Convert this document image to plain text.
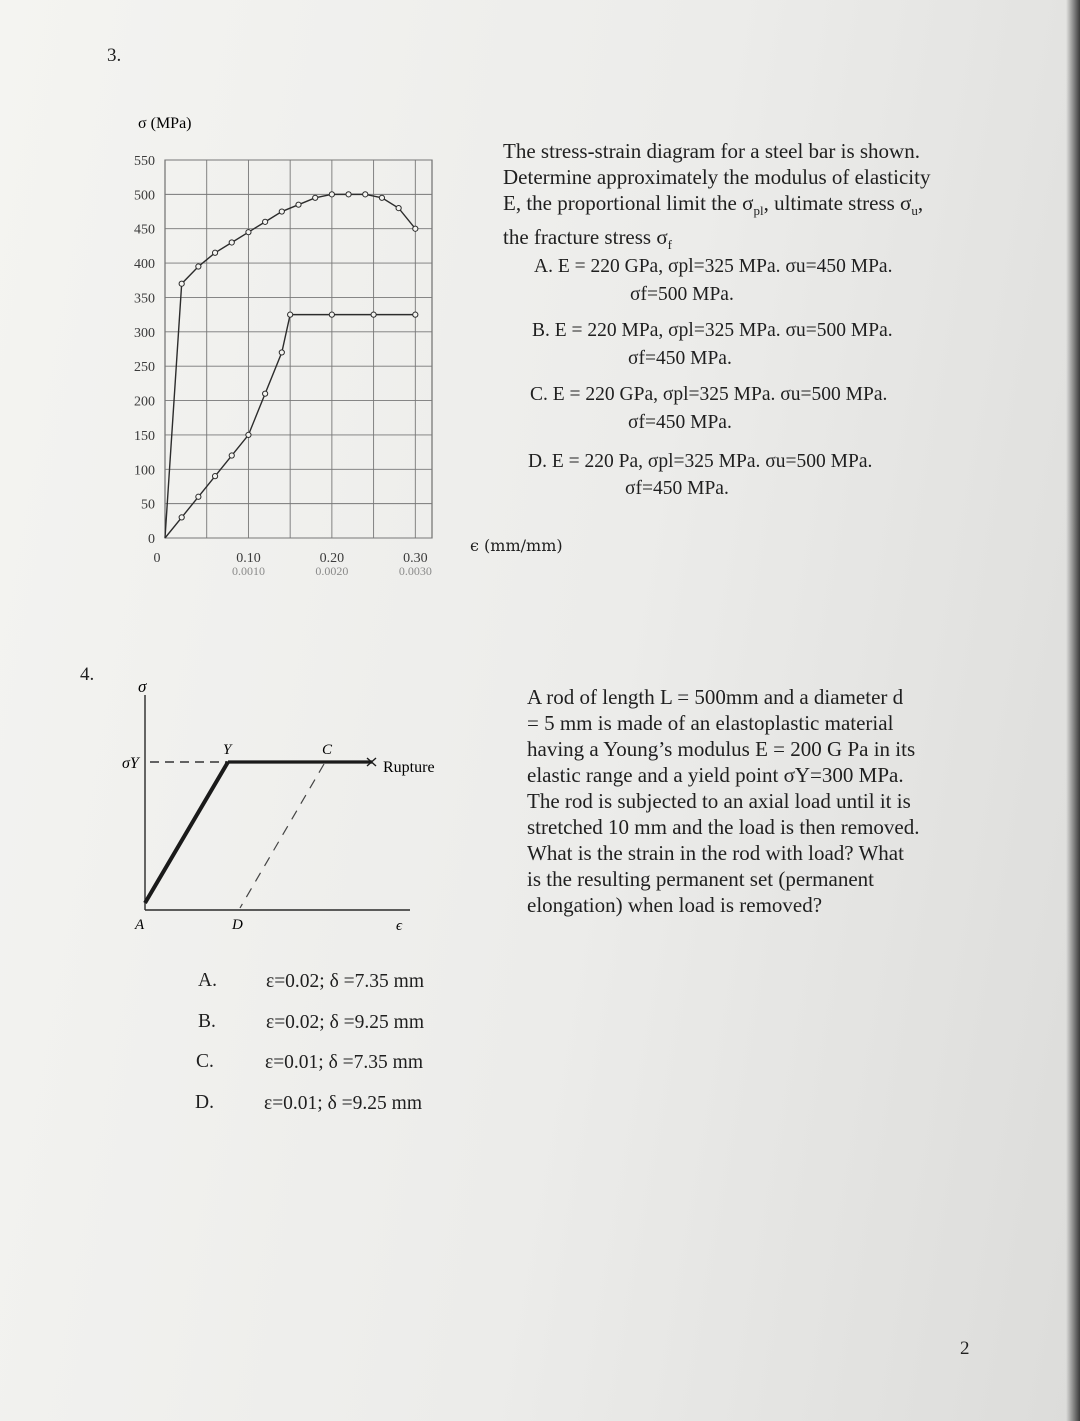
3.
σ (MPa)
550
500
450
400
350
300
250
200
150
100
50
0
0	0.10	0.20	0.30
0.0010	0.0020	0.0030
ϵ (mm/mm)
The stress-strain diagram for a steel bar is shown.
Determine approximately the modulus of elasticity
E, the proportional limit the $\sigma_{pl}$, ultimate stress $\sigma_u$,
the fracture stress $\sigma_f$
A. E = 220 GPa, σpl=325 MPa. σu=450 MPa.
σf=500 MPa.
B. E = 220 MPa, σpl=325 MPa. σu=500 MPa.
σf=450 MPa.
C. E = 220 GPa, σpl=325 MPa. σu=500 MPa.
σf=450 MPa.
D. E = 220 Pa, σpl=325 MPa. σu=500 MPa.
σf=450 MPa.
4.
σ
σY
Y	C
Rupture
A	D	ϵ
A rod of length L = 500mm and a diameter d
= 5 mm is made of an elastoplastic material
having a Young’s modulus E = 200 G Pa in its
elastic range and a yield point σY=300 MPa.
The rod is subjected to an axial load until it is
stretched 10 mm and the load is then removed.
What is the strain in the rod with load? What
is the resulting permanent set (permanent
elongation) when load is removed?
A.	ε=0.02; δ =7.35 mm
B.	ε=0.02; δ =9.25 mm
C.	ε=0.01; δ =7.35 mm
D.	ε=0.01; δ =9.25 mm
2
